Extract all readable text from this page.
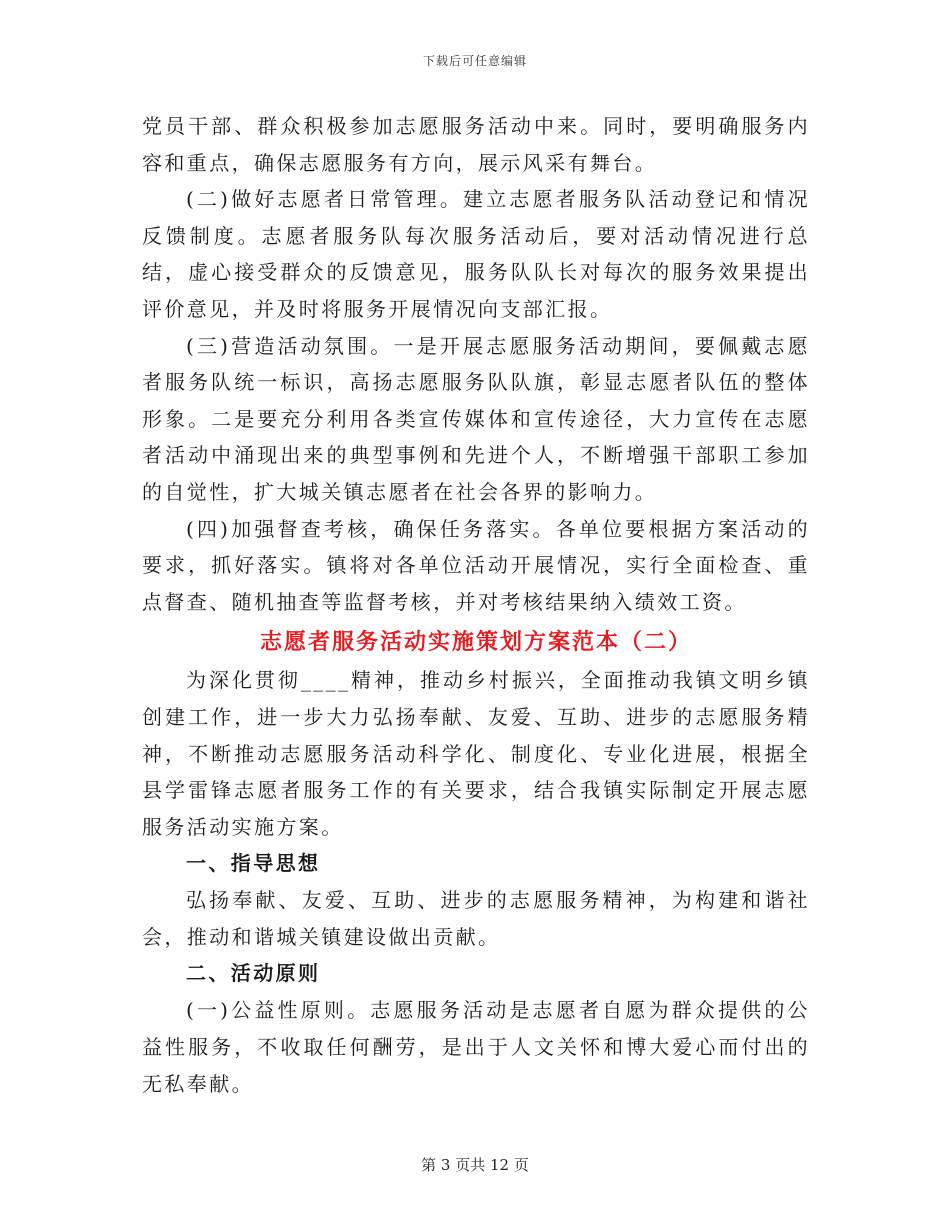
下载后可任意编辑

党员干部、群众积极参加志愿服务活动中来。同时，要明确服务内容和重点，确保志愿服务有方向，展示风采有舞台。

(二)做好志愿者日常管理。建立志愿者服务队活动登记和情况反馈制度。志愿者服务队每次服务活动后，要对活动情况进行总结，虚心接受群众的反馈意见，服务队队长对每次的服务效果提出评价意见，并及时将服务开展情况向支部汇报。

(三)营造活动氛围。一是开展志愿服务活动期间，要佩戴志愿者服务队统一标识，高扬志愿服务队队旗，彰显志愿者队伍的整体形象。二是要充分利用各类宣传媒体和宣传途径，大力宣传在志愿者活动中涌现出来的典型事例和先进个人，不断增强干部职工参加的自觉性，扩大城关镇志愿者在社会各界的影响力。

(四)加强督查考核，确保任务落实。各单位要根据方案活动的要求，抓好落实。镇将对各单位活动开展情况，实行全面检查、重点督查、随机抽查等监督考核，并对考核结果纳入绩效工资。

志愿者服务活动实施策划方案范本（二）

为深化贯彻____精神，推动乡村振兴，全面推动我镇文明乡镇创建工作，进一步大力弘扬奉献、友爱、互助、进步的志愿服务精神，不断推动志愿服务活动科学化、制度化、专业化进展，根据全县学雷锋志愿者服务工作的有关要求，结合我镇实际制定开展志愿服务活动实施方案。

一、指导思想

弘扬奉献、友爱、互助、进步的志愿服务精神，为构建和谐社会，推动和谐城关镇建设做出贡献。

二、活动原则

(一)公益性原则。志愿服务活动是志愿者自愿为群众提供的公益性服务，不收取任何酬劳，是出于人文关怀和博大爱心而付出的无私奉献。

第 3 页共 12 页
